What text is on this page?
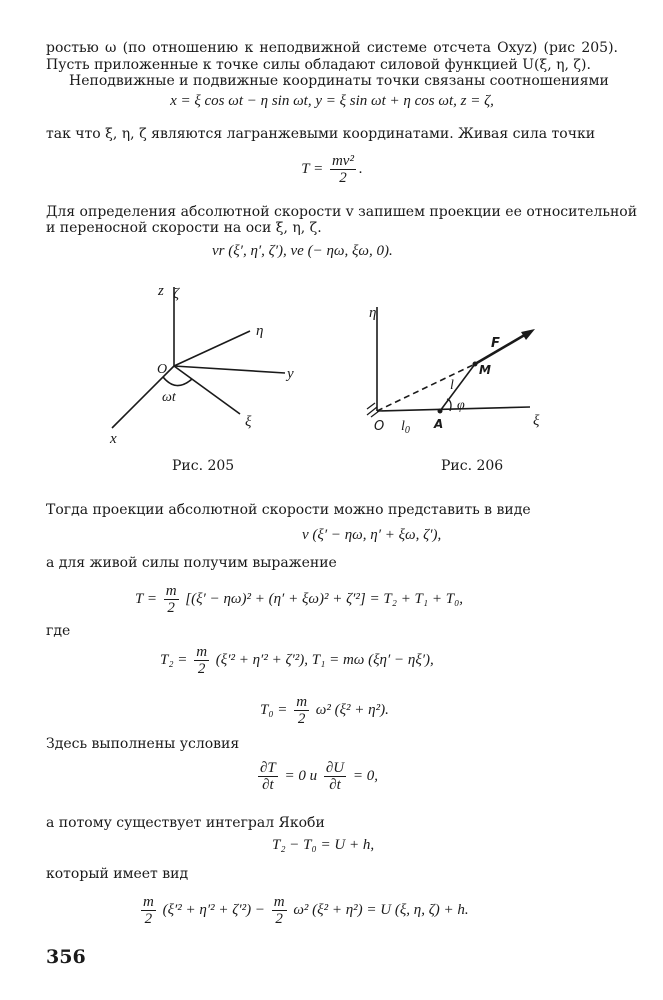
ростью ω (по отношению к неподвижной системе отсчета Oxyz) (рис 205).
Пусть приложенные к точке силы обладают силовой функцией U(ξ, η, ζ).
Неподвижные и подвижные координаты точки связаны соотношениями
x = ξ cos ωt − η sin ωt, y = ξ sin ωt + η cos ωt, z = ζ,
так что ξ, η, ζ являются лагранжевыми координатами. Живая сила точки
$T = \frac{\text{mv²}}{2}$ .
Для определения абсолютной скорости v запишем проекции ее относительной
и переносной скорости на оси ξ, η, ζ.
vr (ξ′, η′, ζ′), ve (− ηω, ξω, 0).
z ζ
η
O	y
ωt
ξ
x
η
F
M
l
φ
O $l_0$ A	ξ
Рис. 205	Рис. 206
Тогда проекции абсолютной скорости можно представить в виде
v (ξ′ − ηω, η′ + ξω, ζ′),
а для живой силы получим выражение
$T = \frac{m}{2} [(\xi' - \eta\omega)^2 + (\eta' + \xi\omega)^2 + \zeta'^2] = T_2 + T_1 + T_0$,
где
$T_2 = \frac{m}{2} (\xi'^2 + \eta'^2 + \zeta'^2)$, T₁ = mω (ξη′ − ηξ′),
$T_0 = \frac{m}{2} \omega^2$ (ξ² + η²).
Здесь выполнены условия
$\frac{\partial T}{\partial t} = 0$ и $\frac{\partial U}{\partial t} = 0$,
а потому существует интеграл Якоби
T₂ − T₀ = U + h,
который имеет вид
$\frac{m}{2} (\xi'^2 + \eta'^2 + \zeta'^2) - \frac{m}{2} \omega^2$ (ξ² + η²) = U (ξ, η, ζ) + h.
356
